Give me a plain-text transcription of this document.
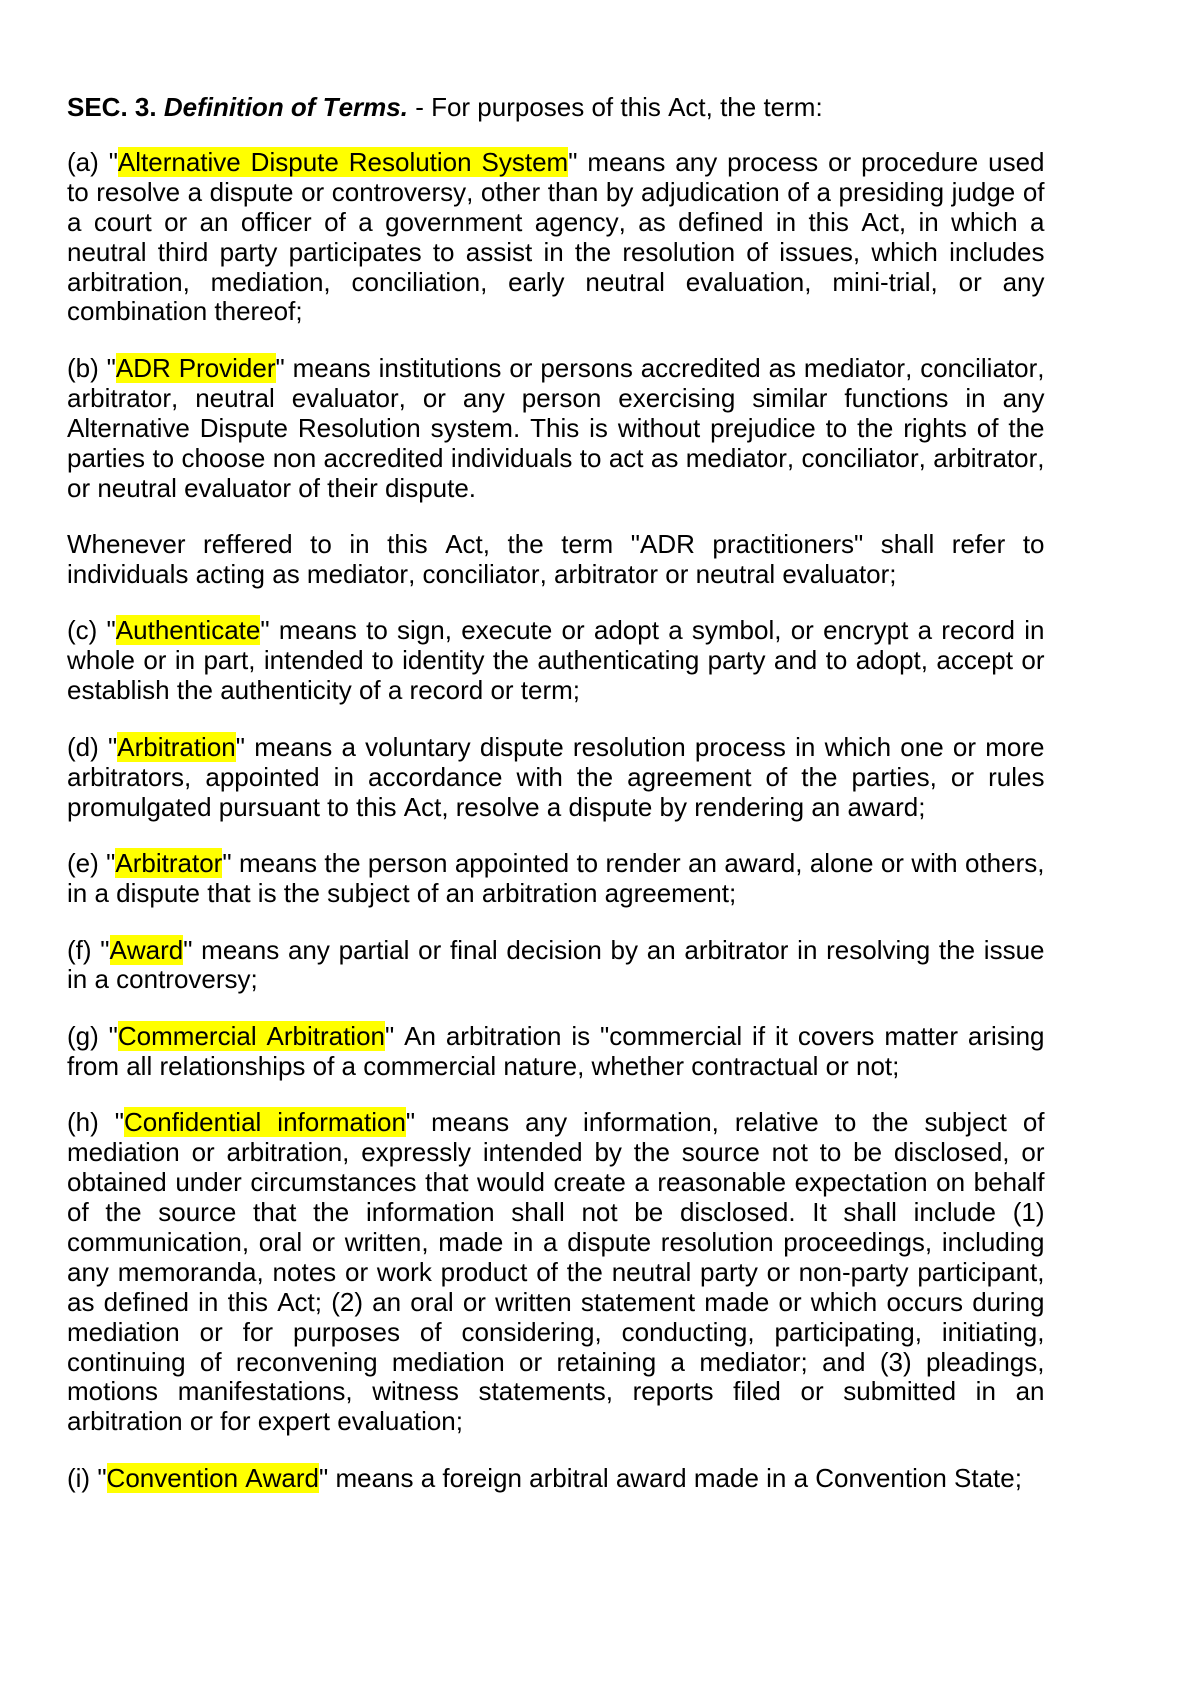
SEC. 3. Definition of Terms. - For purposes of this Act, the term:

(a) "Alternative Dispute Resolution System" means any process or procedure used to resolve a dispute or controversy, other than by adjudication of a presiding judge of a court or an officer of a government agency, as defined in this Act, in which a neutral third party participates to assist in the resolution of issues, which includes arbitration, mediation, conciliation, early neutral evaluation, mini-trial, or any combination thereof;

(b) "ADR Provider" means institutions or persons accredited as mediator, conciliator, arbitrator, neutral evaluator, or any person exercising similar functions in any Alternative Dispute Resolution system. This is without prejudice to the rights of the parties to choose non accredited individuals to act as mediator, conciliator, arbitrator, or neutral evaluator of their dispute.

Whenever reffered to in this Act, the term "ADR practitioners" shall refer to individuals acting as mediator, conciliator, arbitrator or neutral evaluator;

(c) "Authenticate" means to sign, execute or adopt a symbol, or encrypt a record in whole or in part, intended to identity the authenticating party and to adopt, accept or establish the authenticity of a record or term;

(d) "Arbitration" means a voluntary dispute resolution process in which one or more arbitrators, appointed in accordance with the agreement of the parties, or rules promulgated pursuant to this Act, resolve a dispute by rendering an award;

(e) "Arbitrator" means the person appointed to render an award, alone or with others, in a dispute that is the subject of an arbitration agreement;

(f) "Award" means any partial or final decision by an arbitrator in resolving the issue in a controversy;

(g) "Commercial Arbitration" An arbitration is "commercial if it covers matter arising from all relationships of a commercial nature, whether contractual or not;

(h) "Confidential information" means any information, relative to the subject of mediation or arbitration, expressly intended by the source not to be disclosed, or obtained under circumstances that would create a reasonable expectation on behalf of the source that the information shall not be disclosed. It shall include (1) communication, oral or written, made in a dispute resolution proceedings, including any memoranda, notes or work product of the neutral party or non-party participant, as defined in this Act; (2) an oral or written statement made or which occurs during mediation or for purposes of considering, conducting, participating, initiating, continuing of reconvening mediation or retaining a mediator; and (3) pleadings, motions manifestations, witness statements, reports filed or submitted in an arbitration or for expert evaluation;

(i) "Convention Award" means a foreign arbitral award made in a Convention State;
